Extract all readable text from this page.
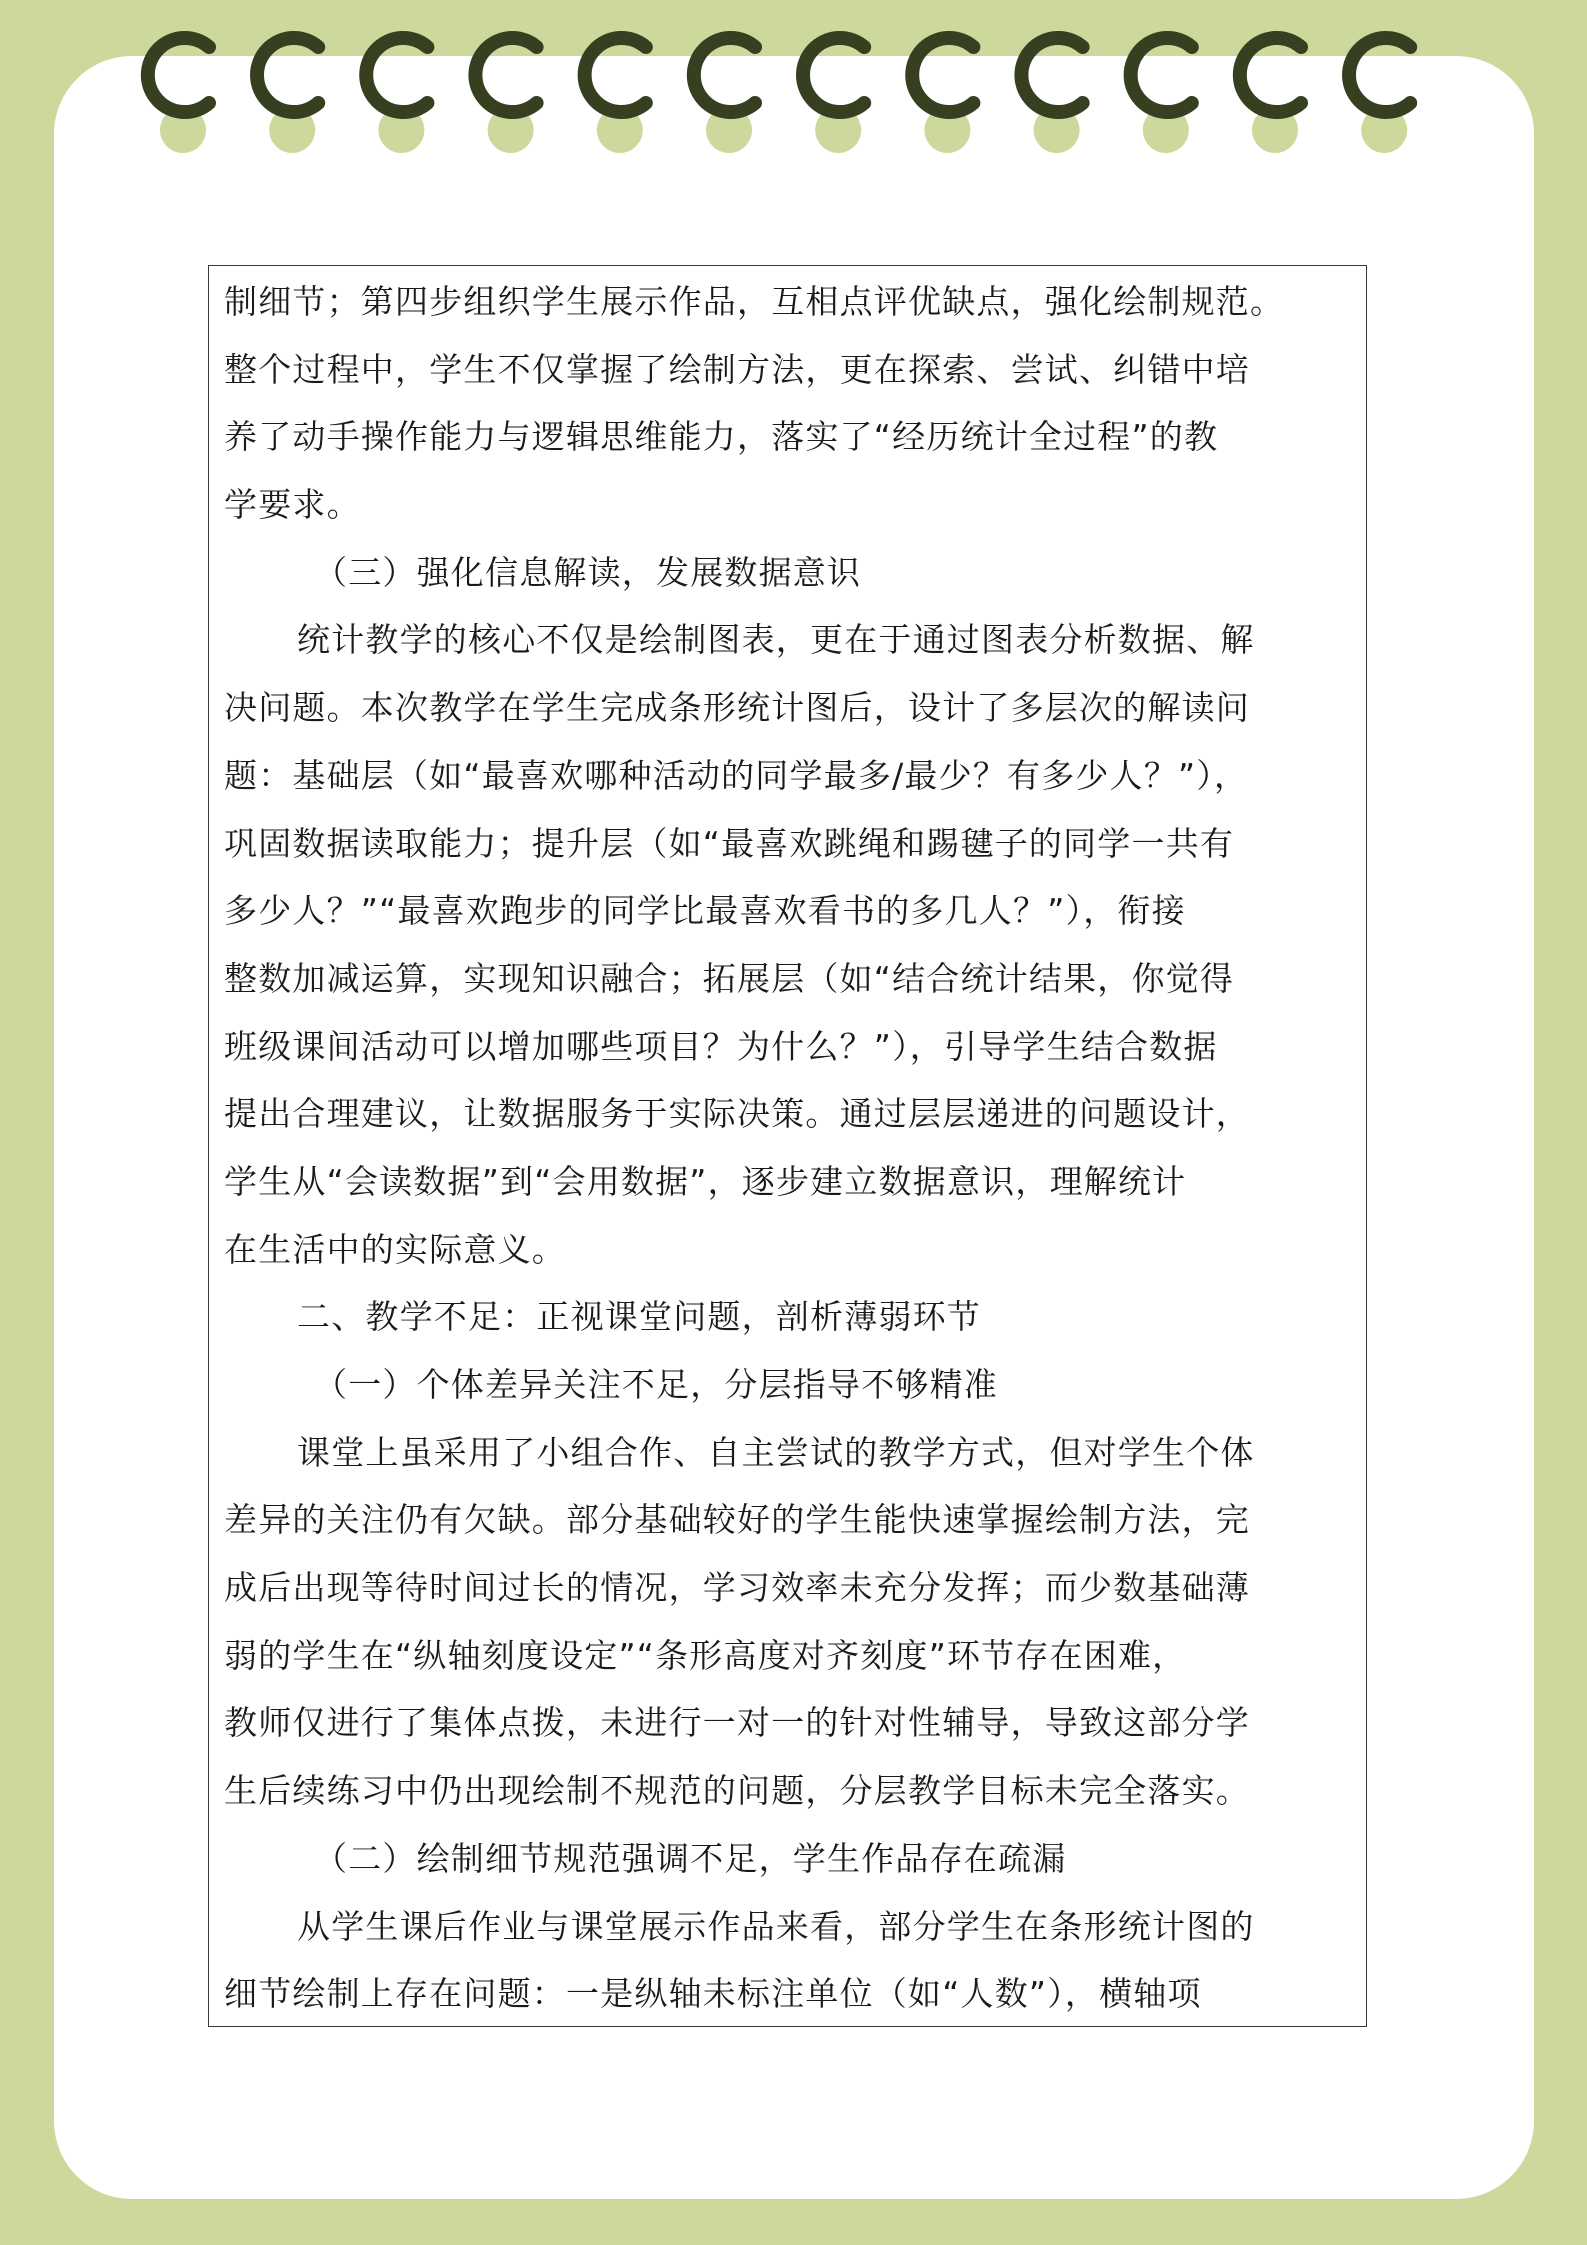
制细节；第四步组织学生展示作品，互相点评优缺点，强化绘制规范。
整个过程中，学生不仅掌握了绘制方法，更在探索、尝试、纠错中培
养了动手操作能力与逻辑思维能力，落实了“经历统计全过程”的教
学要求。
（三）强化信息解读，发展数据意识
统计教学的核心不仅是绘制图表，更在于通过图表分析数据、解
决问题。本次教学在学生完成条形统计图后，设计了多层次的解读问
题：基础层（如“最喜欢哪种活动的同学最多/最少？有多少人？”），
巩固数据读取能力；提升层（如“最喜欢跳绳和踢毽子的同学一共有
多少人？”“最喜欢跑步的同学比最喜欢看书的多几人？”），衔接
整数加减运算，实现知识融合；拓展层（如“结合统计结果，你觉得
班级课间活动可以增加哪些项目？为什么？”），引导学生结合数据
提出合理建议，让数据服务于实际决策。通过层层递进的问题设计，
学生从“会读数据”到“会用数据”，逐步建立数据意识，理解统计
在生活中的实际意义。
二、教学不足：正视课堂问题，剖析薄弱环节
（一）个体差异关注不足，分层指导不够精准
课堂上虽采用了小组合作、自主尝试的教学方式，但对学生个体
差异的关注仍有欠缺。部分基础较好的学生能快速掌握绘制方法，完
成后出现等待时间过长的情况，学习效率未充分发挥；而少数基础薄
弱的学生在“纵轴刻度设定”“条形高度对齐刻度”环节存在困难，
教师仅进行了集体点拨，未进行一对一的针对性辅导，导致这部分学
生后续练习中仍出现绘制不规范的问题，分层教学目标未完全落实。
（二）绘制细节规范强调不足，学生作品存在疏漏
从学生课后作业与课堂展示作品来看，部分学生在条形统计图的
细节绘制上存在问题：一是纵轴未标注单位（如“人数”），横轴项
